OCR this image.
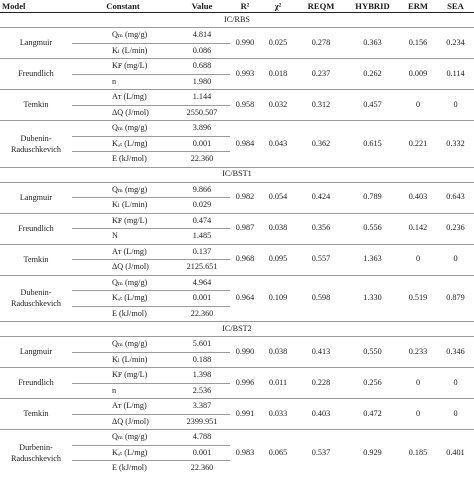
Model	Constant	Value	R²	χ²	REQM	HYBRID	ERM	SEA
IC/RBS								
Langmuir	Qₘ (mg/g)	4.814	0.990	0.025	0.278	0.363	0.156	0.234
	Kₗ (L/min)	0.086						
Freundlich	Kꜰ (mg/L)	0.688	0.993	0.018	0.237	0.262	0.009	0.114
	n	1.980						
Temkin	Aт (L/mg)	1.144	0.958	0.032	0.312	0.457	0	0
	ΔQ (J/mol)	2550.507						
Dubenin-Raduschkevich	Qₘ (mg/g)	3.896	0.984	0.043	0.362	0.615	0.221	0.332
	Kₐₜ (L/mg)	0.001						
	E (kJ/mol)	22.360						
IC/BST1								
Langmuir	Qₘ (mg/g)	9.866	0.982	0.054	0.424	0.789	0.403	0.643
	Kₗ (L/min)	0.029						
Freundlich	Kꜰ (mg/L)	0.474	0.987	0.038	0.356	0.556	0.142	0.236
	N	1.485						
Temkin	Aт (L/mg)	0.137	0.968	0.095	0.557	1.363	0	0
	ΔQ (J/mol)	2125.651						
Dubenin-Raduschkevich	Qₘ (mg/g)	4.964	0.964	0.109	0.598	1.330	0.519	0.879
	Kₐₜ (L/mg)	0.001						
	E (kJ/mol)	22.360						
IC/BST2								
Langmuir	Qₘ (mg/g)	5.601	0.990	0.038	0.413	0.550	0.233	0.346
	Kₗ (L/min)	0.188						
Freundlich	Kꜰ (mg/L)	1.398	0.996	0.011	0.228	0.256	0	0
	n	2.536						
Temkin	Aт (L/mg)	3.387	0.991	0.033	0.403	0.472	0	0
	ΔQ (J/mol)	2399.951						
Durbenin-Raduschkevich	Qₘ (mg/g)	4.788	0.983	0.065	0.537	0.929	0.185	0.401
	Kₐₜ (L/mg)	0.001						
	E (kJ/mol)	22.360						
